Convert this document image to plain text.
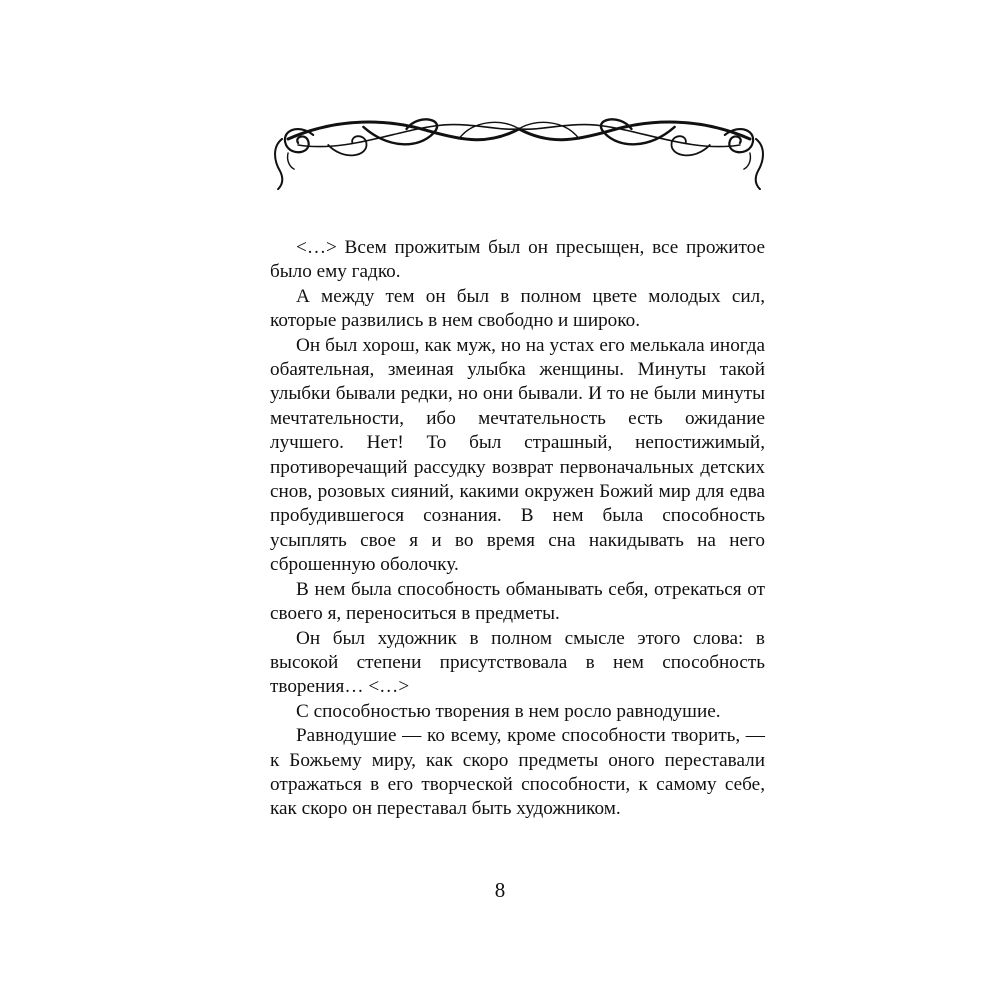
<…> Всем прожитым был он пресыщен, все прожитое было ему гадко.

А между тем он был в полном цвете молодых сил, которые развились в нем свободно и широко.

Он был хорош, как муж, но на устах его мелькала иногда обаятельная, змеиная улыбка женщины. Минуты такой улыбки бывали редки, но они бывали. И то не были минуты мечтательности, ибо мечтательность есть ожидание лучшего. Нет! То был страшный, непостижимый, противоречащий рассудку возврат первоначальных детских снов, розовых сияний, какими окружен Божий мир для едва пробудившегося сознания. В нем была способность усыплять свое я и во время сна накидывать на него сброшенную оболочку.

В нем была способность обманывать себя, отрекаться от своего я, переноситься в предметы.

Он был художник в полном смысле этого слова: в высокой степени присутствовала в нем способность творения… <…>

С способностью творения в нем росло равнодушие.

Равнодушие — ко всему, кроме способности творить, — к Божьему миру, как скоро предметы оного переставали отражаться в его творческой способности, к самому себе, как скоро он переставал быть художником.

8
